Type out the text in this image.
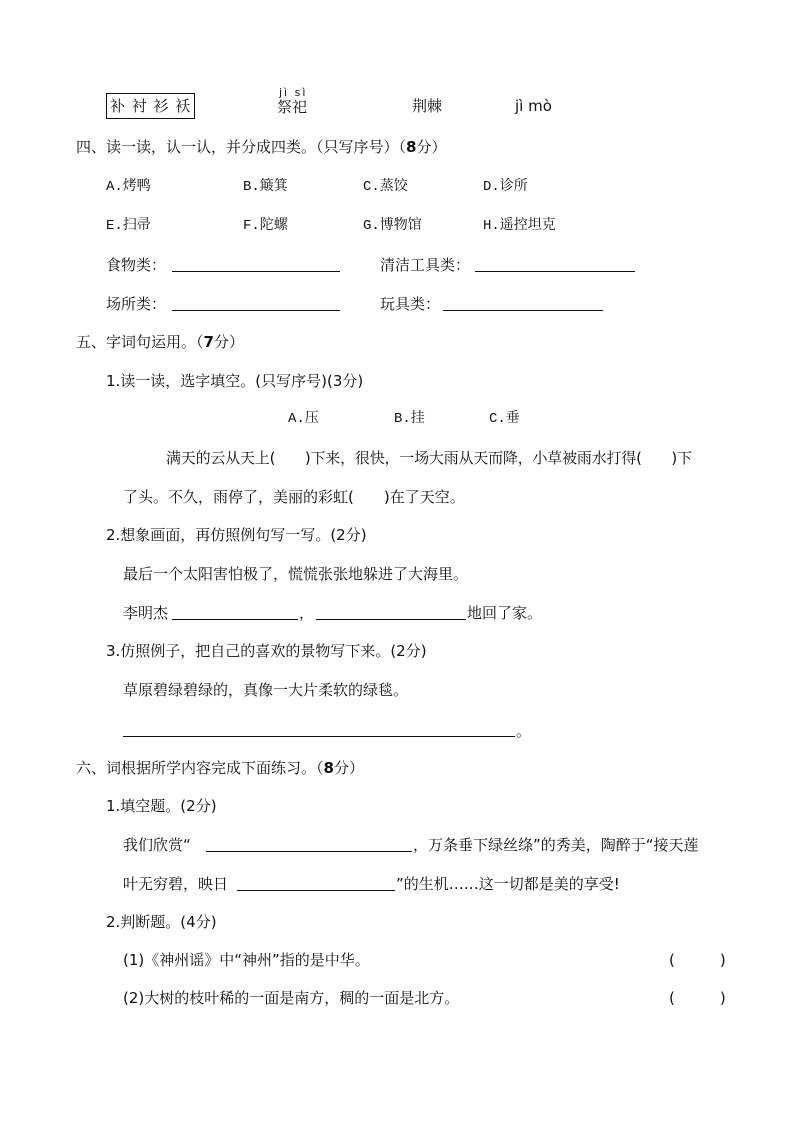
补 衬 衫 袄
jì sì
祭祀	荆棘	jì mò
四、读一读，认一认，并分成四类。（只写序号）（8分）
A.烤鸭	B.簸箕	C.蒸饺	D.诊所
E.扫帚	F.陀螺	G.博物馆	H.遥控坦克
食物类：	清洁工具类：
场所类：	玩具类：
五、字词句运用。（7分）
1.读一读，选字填空。(只写序号)(3分)
A.压	B.挂	C.垂
满天的云从天上(　　)下来，很快，一场大雨从天而降，小草被雨水打得(　　)下
了头。不久，雨停了，美丽的彩虹(　　)在了天空。
2.想象画面，再仿照例句写一写。(2分)
最后一个太阳害怕极了，慌慌张张地躲进了大海里。
李明杰	，	地回了家。
3.仿照例子，把自己的喜欢的景物写下来。(2分)
草原碧绿碧绿的，真像一大片柔软的绿毯。
。
六、词根据所学内容完成下面练习。（8分）
1.填空题。(2分)
我们欣赏“	，万条垂下绿丝绦”的秀美，陶醉于“接天莲
叶无穷碧，映日	”的生机……这一切都是美的享受!
2.判断题。(4分)
(1)《神州谣》中“神州”指的是中华。	(　　　)
(2)大树的枝叶稀的一面是南方，稠的一面是北方。	(　　　)
